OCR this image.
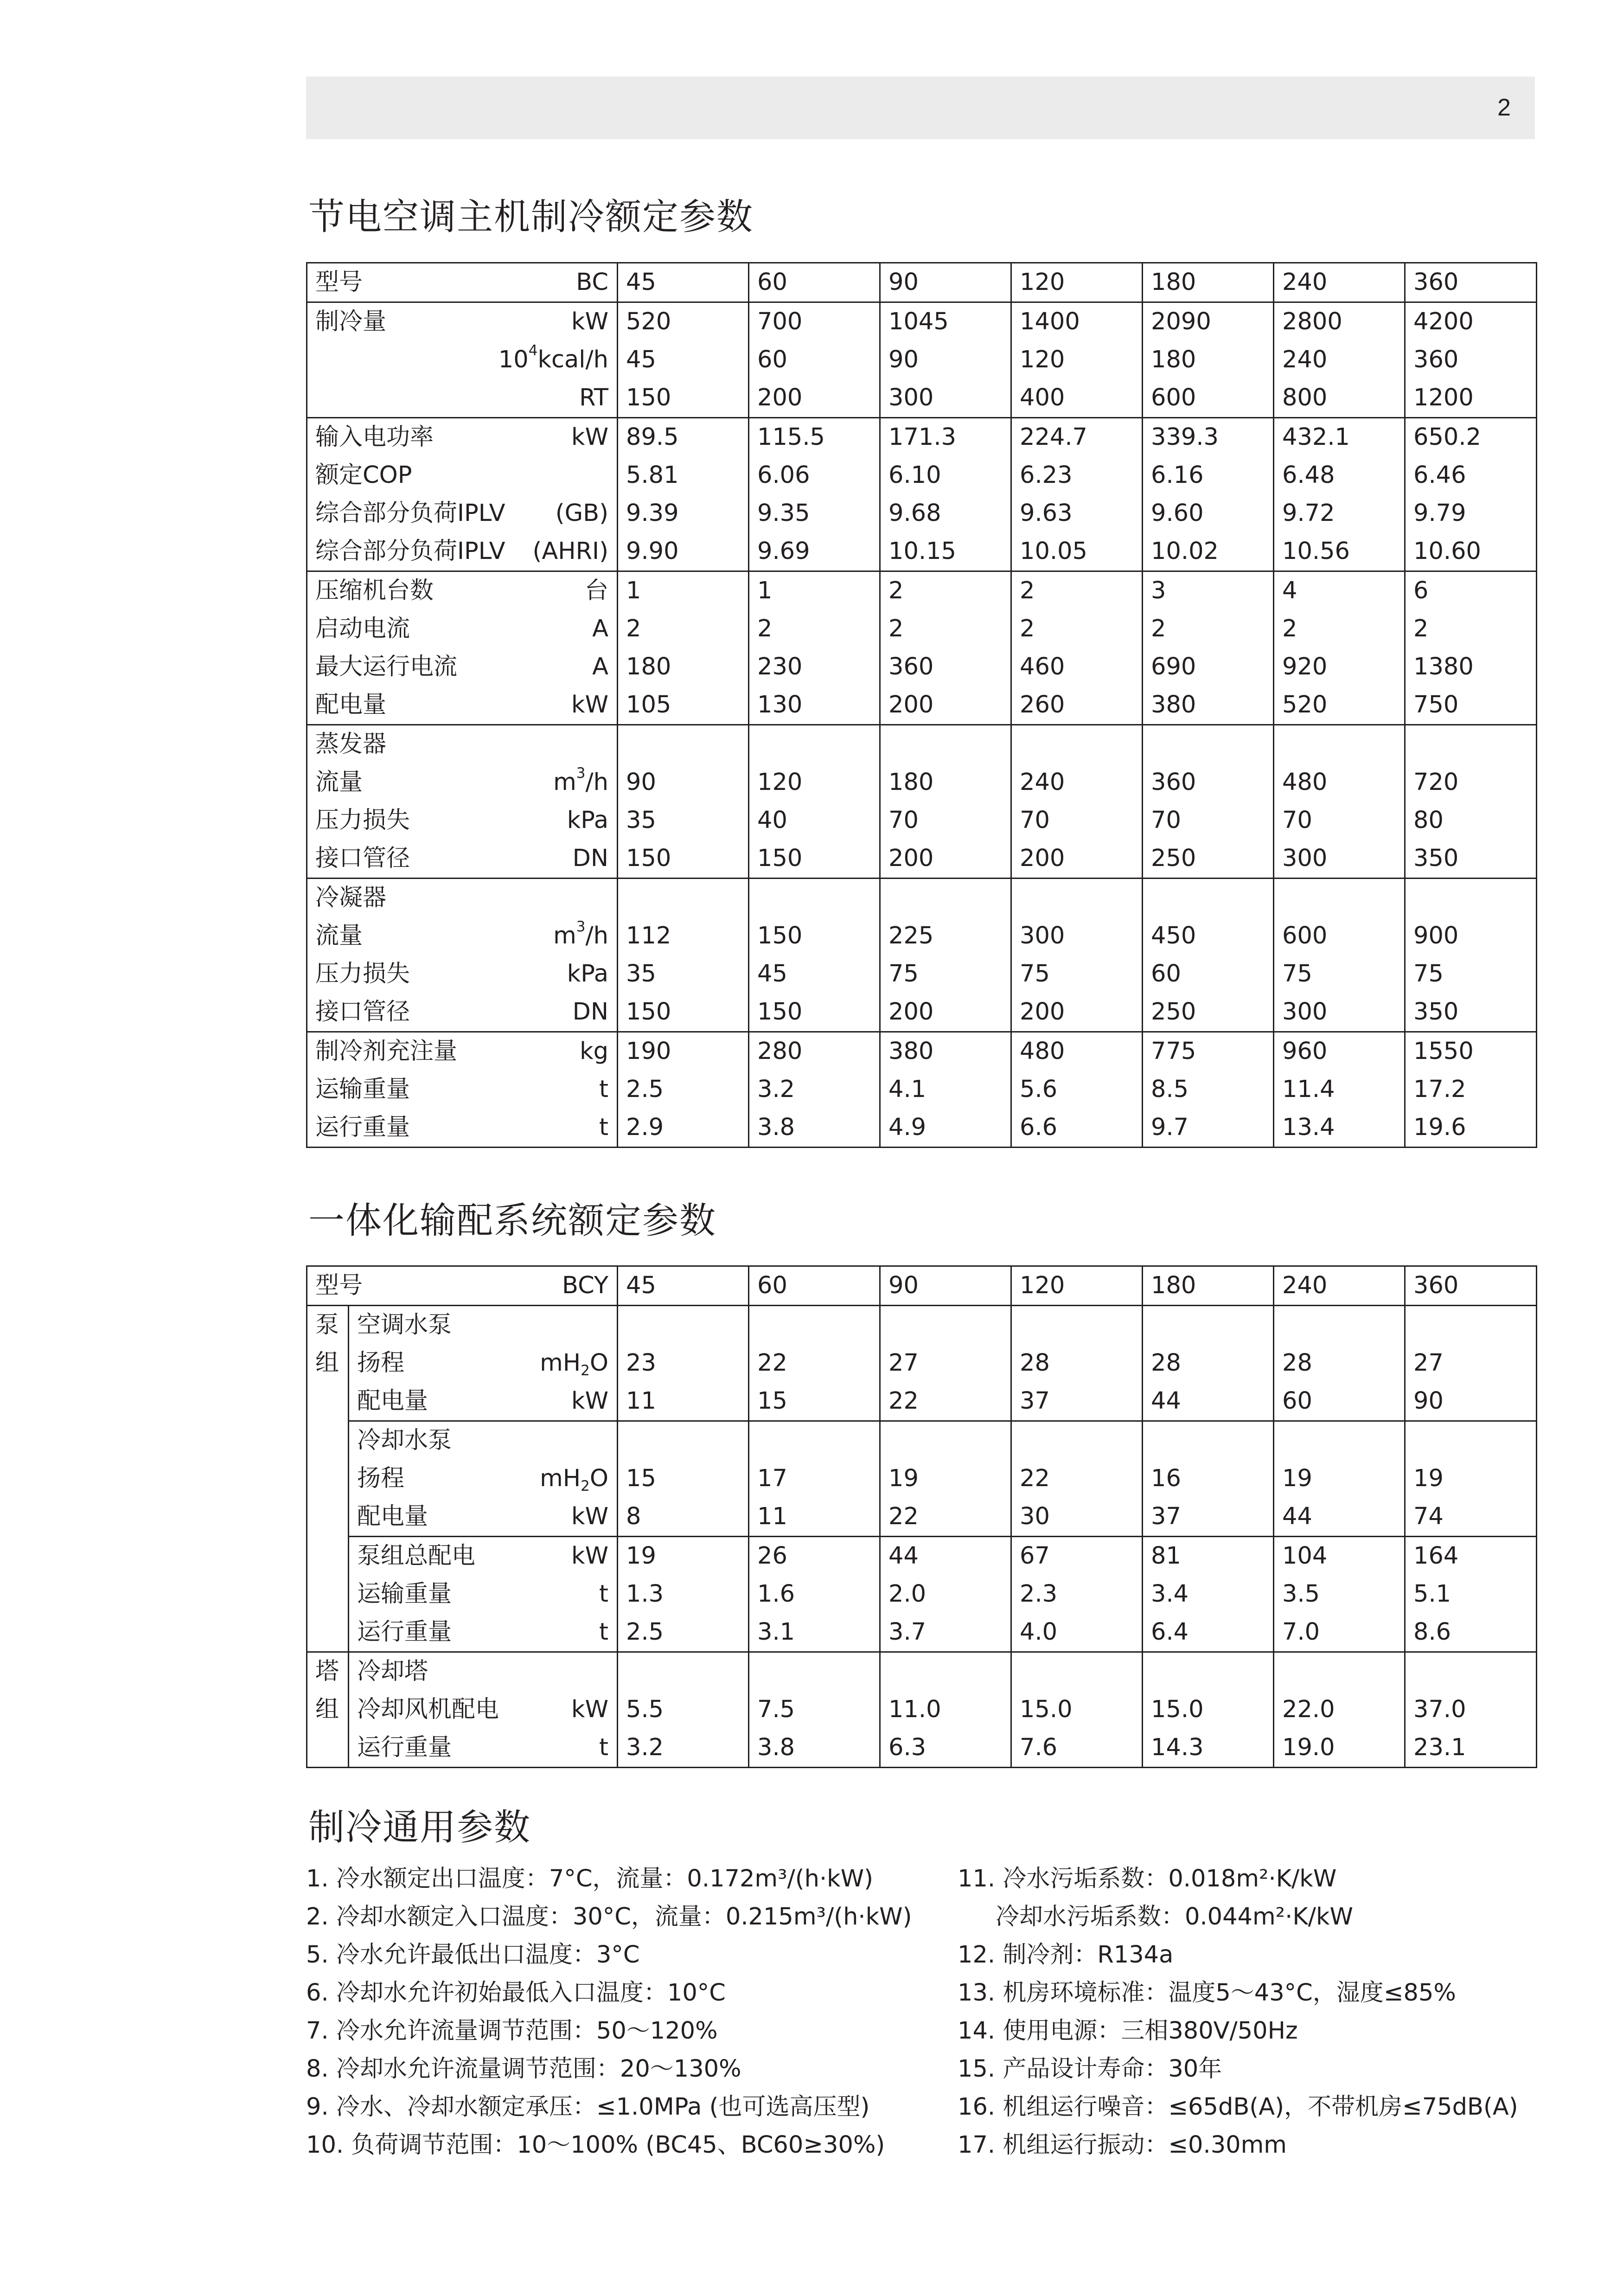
2
节电空调主机制冷额定参数
型号 BC	45	60	90	120	180	240	360
制冷量 kW	520	700	1045	1400	2090	2800	4200

$10^4kcal/h$	45	60	90	120	180	240	360

RT	150	200	300	400	600	800	1200
输入电功率 kW	89.5	115.5	171.3	224.7	339.3	432.1	650.2
额定COP	5.81	6.06	6.10	6.23	6.16	6.48	6.46
综合部分负荷IPLV (GB)	9.39	9.35	9.68	9.63	9.60	9.72	9.79
综合部分负荷IPLV (AHRI)	9.90	9.69	10.15	10.05	10.02	10.56	10.60
压缩机台数 台	1	1	2	2	3	4	6
启动电流 A	2	2	2	2	2	2	2
最大运行电流 A	180	230	360	460	690	920	1380
配电量 kW	105	130	200	260	380	520	750
蒸发器

流量 $m^3/h$	90	120	180	240	360	480	720
压力损失 kPa	35	40	70	70	70	70	80
接口管径 DN	150	150	200	200	250	300	350
冷凝器

流量 $m^3/h$	112	150	225	300	450	600	900
压力损失 kPa	35	45	75	75	60	75	75
接口管径 DN	150	150	200	200	250	300	350
制冷剂充注量 kg	190	280	380	480	775	960	1550
运输重量 t	2.5	3.2	4.1	5.6	8.5	11.4	17.2
运行重量 t	2.9	3.8	4.9	6.6	9.7	13.4	19.6
一体化输配系统额定参数
型号 BCY		45	60	90	120	180	240	360

泵
组	空调水泵

	扬程 $mH_2O$	23	22	27	28	28	28	27
	配电量 kW	11	15	22	37	44	60	90
	冷却水泵

	扬程 $mH_2O$	15	17	19	22	16	19	19
	配电量 kW	8	11	22	30	37	44	74
	泵组总配电 kW	19	26	44	67	81	104	164
	运输重量 t	1.3	1.6	2.0	2.3	3.4	3.5	5.1
	运行重量 t	2.5	3.1	3.7	4.0	6.4	7.0	8.6

塔
组	冷却塔

	冷却风机配电 kW	5.5	7.5	11.0	15.0	15.0	22.0	37.0
	运行重量 t	3.2	3.8	6.3	7.6	14.3	19.0	23.1
制冷通用参数
1. 冷水额定出口温度：7°C，流量：0.172m³/(h·kW)
2. 冷却水额定入口温度：30°C，流量：0.215m³/(h·kW)
5. 冷水允许最低出口温度：3°C
6. 冷却水允许初始最低入口温度：10°C
7. 冷水允许流量调节范围：50～120%
8. 冷却水允许流量调节范围：20～130%
9. 冷水、冷却水额定承压：≤1.0MPa (也可选高压型)
10. 负荷调节范围：10～100% (BC45、BC60≥30%)
11. 冷水污垢系数：0.018m²·K/kW
冷却水污垢系数：0.044m²·K/kW
12. 制冷剂：R134a
13. 机房环境标准：温度5～43°C，湿度≤85%
14. 使用电源：三相380V/50Hz
15. 产品设计寿命：30年
16. 机组运行噪音：≤65dB(A)，不带机房≤75dB(A)
17. 机组运行振动：≤0.30mm
